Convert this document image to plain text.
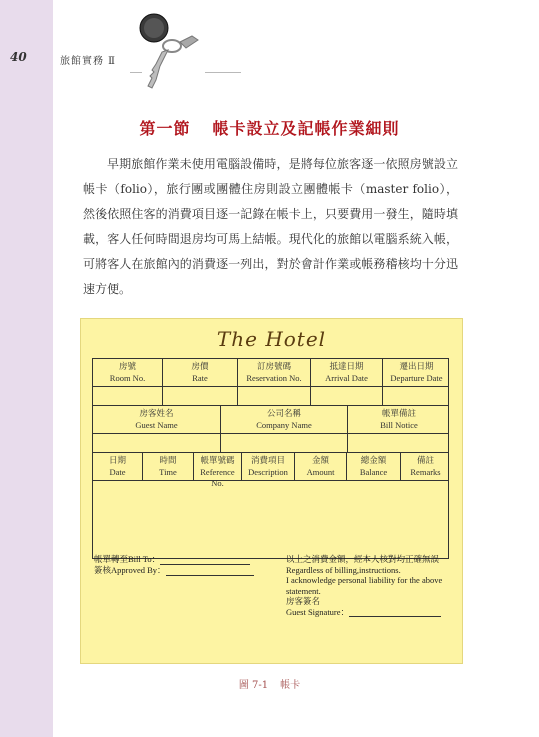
40	旅館實務 Ⅱ
第一節 帳卡設立及記帳作業細則

早期旅館作業未使用電腦設備時，是將每位旅客逐一依照房號設立帳卡（folio），旅行團或團體住房則設立團體帳卡（master folio），然後依照住客的消費項目逐一記錄在帳卡上，只要費用一發生，隨時填載，客人任何時間退房均可馬上結帳。現代化的旅館以電腦系統入帳，可將客人在旅館內的消費逐一列出，對於會計作業或帳務稽核均十分迅速方便。

The Hotel
房號
Room No.
房價
Rate
訂房號碼
Reservation No.
抵達日期
Arrival Date
遷出日期
Departure Date
房客姓名
Guest Name
公司名稱
Company Name
帳單備註
Bill Notice
日期
Date
時間
Time
帳單號碼
Reference No.
消費項目
Description
金額
Amount
總金額
Balance
備註
Remarks
帳單轉至Bill To：
簽核Approved By：
以上之消費金額，經本人核對均正確無誤
Regardless of billing,instructions.
I acknowledge personal liability for the above statement.
房客簽名
Guest Signature：
圖 7-1 帳卡
